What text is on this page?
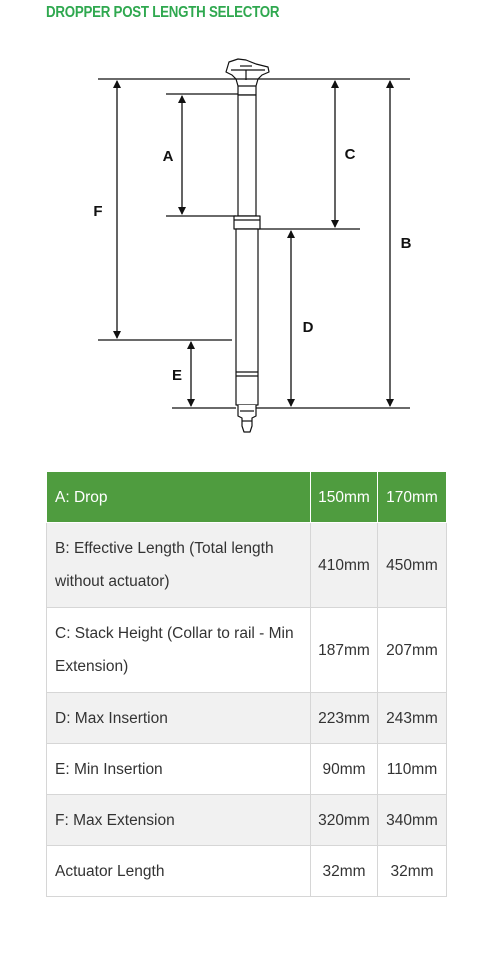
DROPPER POST LENGTH SELECTOR
A
F
C
B
D
E
A: Drop	150mm	170mm
B: Effective Length (Total length without actuator)	410mm	450mm
C: Stack Height (Collar to rail - Min Extension)	187mm	207mm
D: Max Insertion	223mm	243mm
E: Min Insertion	90mm	110mm
F: Max Extension	320mm	340mm
Actuator Length	32mm	32mm
